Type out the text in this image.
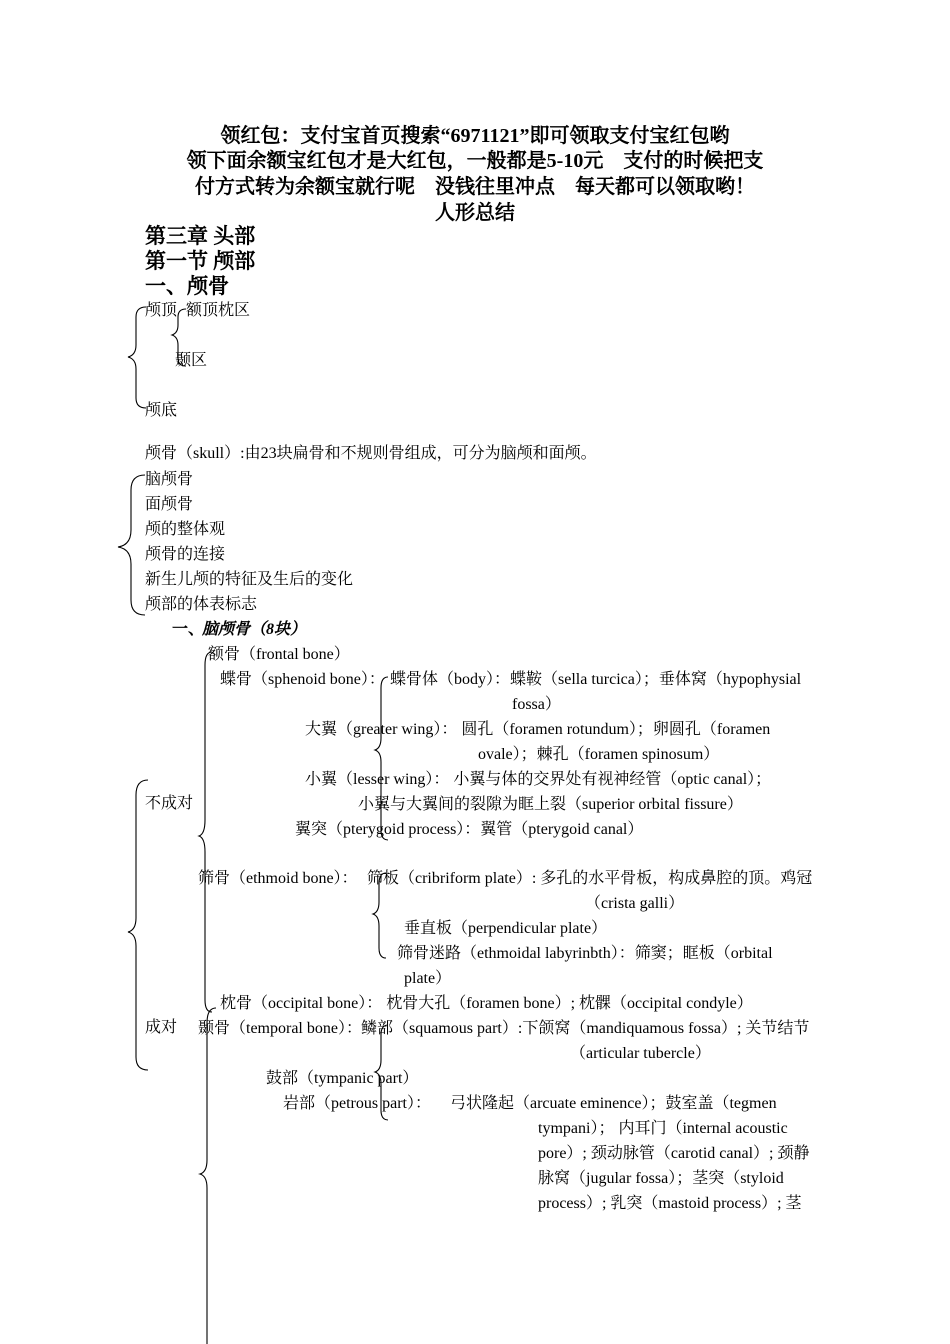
领红包：支付宝首页搜索“6971121”即可领取支付宝红包哟
领下面余额宝红包才是大红包，一般都是5-10元　支付的时候把支
付方式转为余额宝就行呢　没钱往里冲点　每天都可以领取哟！
人形总结
第三章 头部
第一节 颅部
一、颅骨
颅顶 额顶枕区
颞区
颅底
颅骨（skull）:由23块扁骨和不规则骨组成，可分为脑颅和面颅。
脑颅骨
面颅骨
颅的整体观
颅骨的连接
新生儿颅的特征及生后的变化
颅部的体表标志
一、
脑颅骨（8块）
不成对
成对
额骨（frontal bone）
蝶骨（sphenoid bone）： 蝶骨体（body）：蝶鞍（sella turcica）；垂体窝（hypophysial
fossa）
大翼（greater wing）： 圆孔（foramen rotundum）；卵圆孔（foramen
ovale）；棘孔（foramen spinosum）
小翼（lesser wing）： 小翼与体的交界处有视神经管（optic canal）；
小翼与大翼间的裂隙为眶上裂（superior orbital fissure）
翼突（pterygoid process）：翼管（pterygoid canal）
筛骨（ethmoid bone）： 筛板（cribriform plate）: 多孔的水平骨板，构成鼻腔的顶。鸡冠
（crista galli）
垂直板（perpendicular plate）
筛骨迷路（ethmoidal labyrinbth）：筛窦；眶板（orbital
plate）
枕骨（occipital bone）： 枕骨大孔（foramen bone）; 枕髁（occipital condyle）
颞骨（temporal bone）： 鳞部（squamous part）:下颌窝（mandiquamous fossa）; 关节结节
（articular tubercle）
鼓部（tympanic part）
岩部（petrous part）： 弓状隆起（arcuate eminence）；鼓室盖（tegmen
tympani）； 内耳门（internal acoustic
pore）; 颈动脉管（carotid canal）; 颈静
脉窝（jugular fossa）；茎突（styloid
process）; 乳突（mastoid process）; 茎
